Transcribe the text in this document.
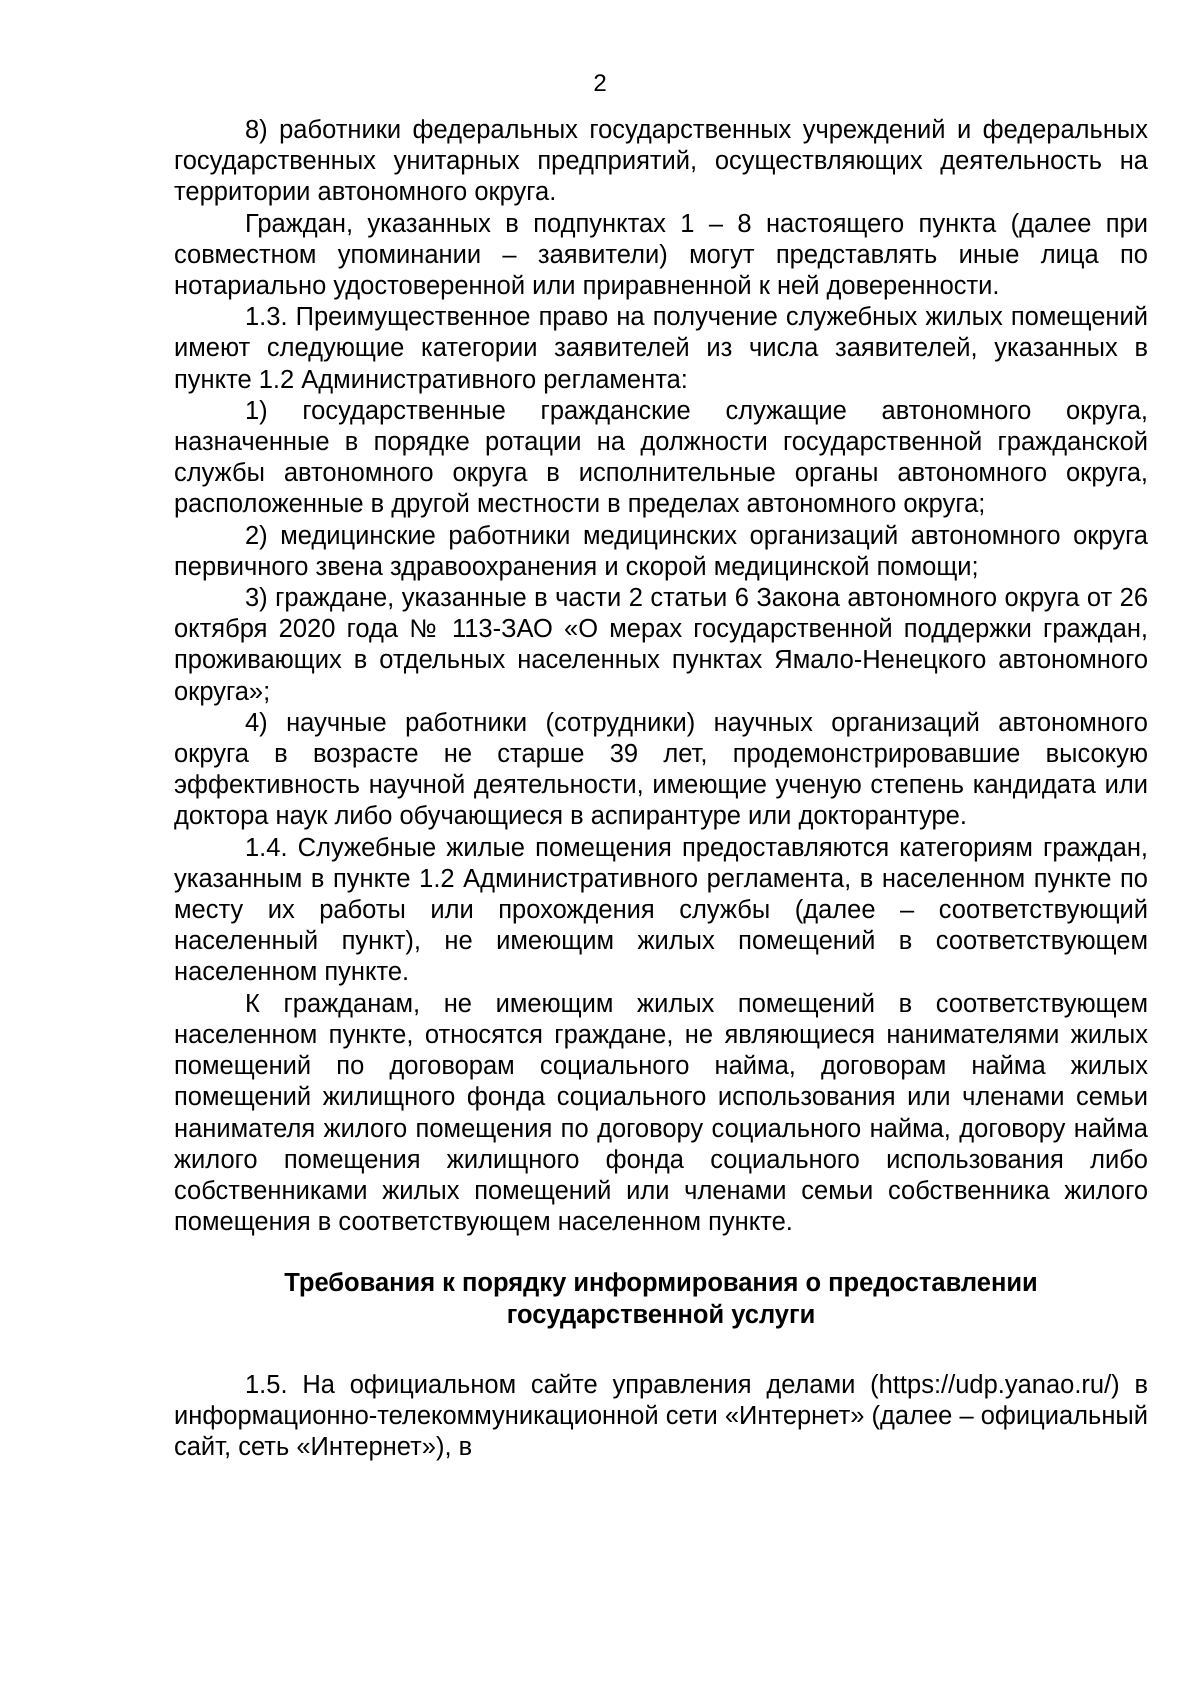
2

8) работники федеральных государственных учреждений и федеральных государственных унитарных предприятий, осуществляющих деятельность на территории автономного округа.

Граждан, указанных в подпунктах 1 – 8 настоящего пункта (далее при совместном упоминании – заявители) могут представлять иные лица по нотариально удостоверенной или приравненной к ней доверенности.

1.3. Преимущественное право на получение служебных жилых помещений имеют следующие категории заявителей из числа заявителей, указанных в пункте 1.2 Административного регламента:

1) государственные гражданские служащие автономного округа, назначенные в порядке ротации на должности государственной гражданской службы автономного округа в исполнительные органы автономного округа, расположенные в другой местности в пределах автономного округа;

2) медицинские работники медицинских организаций автономного округа первичного звена здравоохранения и скорой медицинской помощи;

3) граждане, указанные в части 2 статьи 6 Закона автономного округа от 26 октября 2020 года № 113-ЗАО «О мерах государственной поддержки граждан, проживающих в отдельных населенных пунктах Ямало-Ненецкого автономного округа»;

4) научные работники (сотрудники) научных организаций автономного округа в возрасте не старше 39 лет, продемонстрировавшие высокую эффективность научной деятельности, имеющие ученую степень кандидата или доктора наук либо обучающиеся в аспирантуре или докторантуре.

1.4. Служебные жилые помещения предоставляются категориям граждан, указанным в пункте 1.2 Административного регламента, в населенном пункте по месту их работы или прохождения службы (далее – соответствующий населенный пункт), не имеющим жилых помещений в соответствующем населенном пункте.

К гражданам, не имеющим жилых помещений в соответствующем населенном пункте, относятся граждане, не являющиеся нанимателями жилых помещений по договорам социального найма, договорам найма жилых помещений жилищного фонда социального использования или членами семьи нанимателя жилого помещения по договору социального найма, договору найма жилого помещения жилищного фонда социального использования либо собственниками жилых помещений или членами семьи собственника жилого помещения в соответствующем населенном пункте.

Требования к порядку информирования о предоставлении
государственной услуги

1.5. На официальном сайте управления делами (https://udp.yanao.ru/) в информационно-телекоммуникационной сети «Интернет» (далее – официальный сайт, сеть «Интернет»), в
